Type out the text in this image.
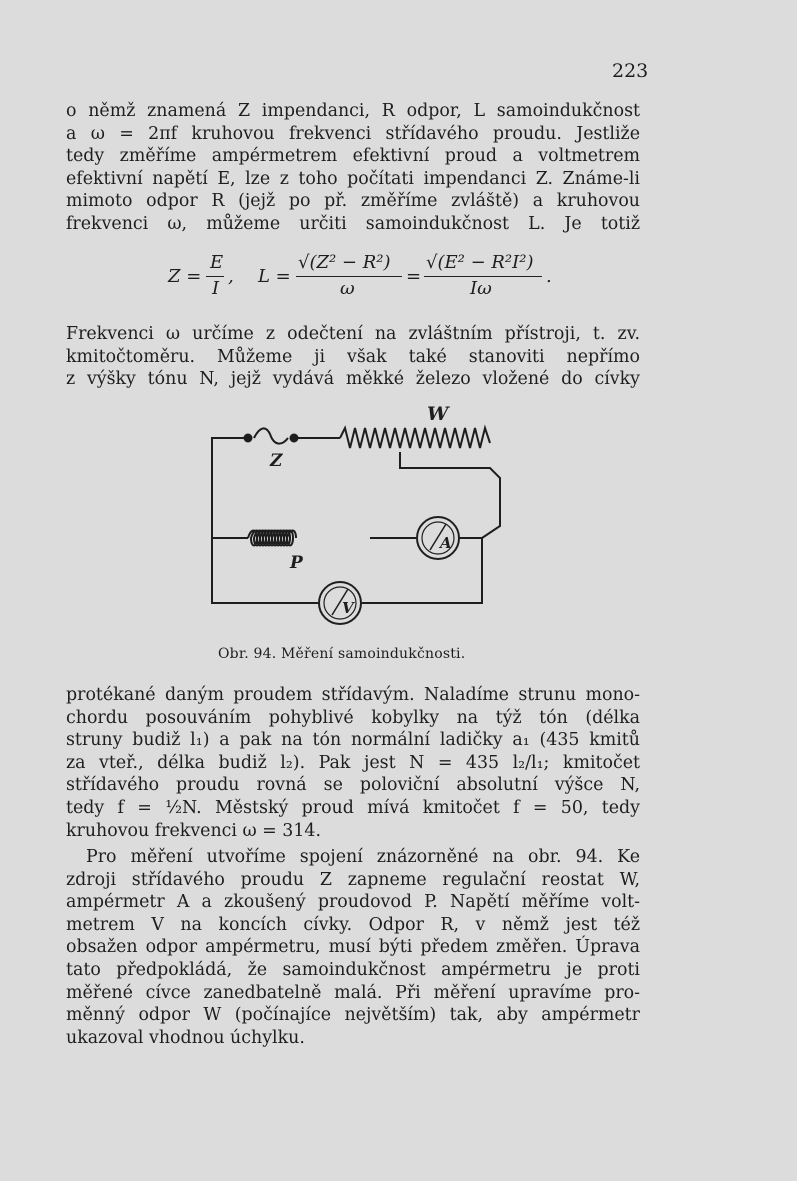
223

o němž znamená Z impendanci, R odpor, L samoindukčnost
a ω = 2πf kruhovou frekvenci střídavého proudu. Jestliže
tedy změříme ampérmetrem efektivní proud a voltmetrem
efektivní napětí E, lze z toho počítati impendanci Z. Známe-li
mimoto odpor R (jejž po př. změříme zvláště) a kruhovou
frekvenci ω, můžeme určiti samoindukčnost L. Je totiž

Z =
E
I
, L =
√(Z² − R²)
ω
=
√(E² − R²I²)
Iω
.

Frekvenci ω určíme z odečtení na zvláštním přístroji, t. zv.
kmitočtoměru. Můžeme ji však také stanoviti nepřímo
z výšky tónu N, jejž vydává měkké železo vložené do cívky

W
Z
P
A
V
Obr. 94. Měření samoindukčnosti.

protékané daným proudem střídavým. Naladíme strunu mono-
chordu posouváním pohyblivé kobylky na týž tón (délka
struny budiž l₁) a pak na tón normální ladičky a₁ (435 kmitů
za vteř., délka budiž l₂). Pak jest N = 435 l₂/l₁; kmitočet
střídavého proudu rovná se poloviční absolutní výšce N,
tedy f = ½N. Městský proud mívá kmitočet f = 50, tedy
kruhovou frekvenci ω = 314.

Pro měření utvoříme spojení znázorněné na obr. 94. Ke
zdroji střídavého proudu Z zapneme regulační reostat W,
ampérmetr A a zkoušený proudovod P. Napětí měříme volt-
metrem V na koncích cívky. Odpor R, v němž jest též
obsažen odpor ampérmetru, musí býti předem změřen. Úprava
tato předpokládá, že samoindukčnost ampérmetru je proti
měřené cívce zanedbatelně malá. Při měření upravíme pro-
měnný odpor W (počínajíce největším) tak, aby ampérmetr
ukazoval vhodnou úchylku.
